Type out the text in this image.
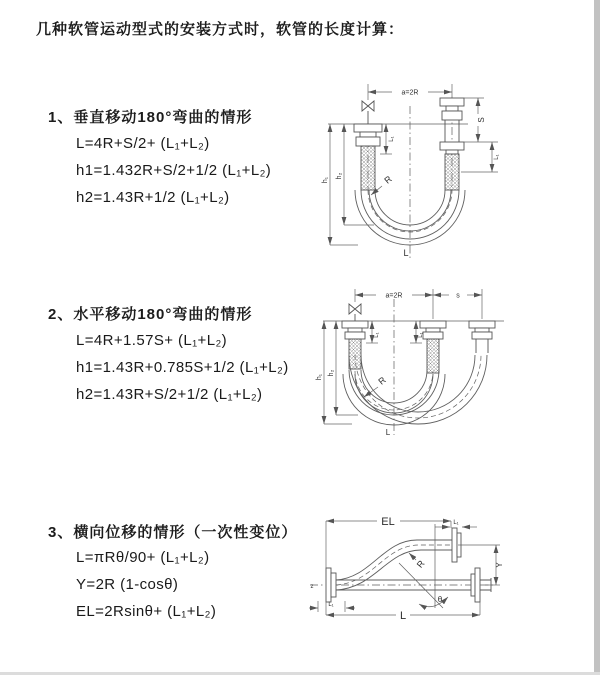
几种软管运动型式的安装方式时，软管的长度计算：
1、垂直移动180°弯曲的情形
L=4R+S/2+ (L₁+L₂)
h1=1.432R+S/2+1/2 (L₁+L₂)
h2=1.43R+1/2 (L₁+L₂)
2、水平移动180°弯曲的情形
L=4R+1.57S+ (L₁+L₂)
h1=1.43R+0.785S+1/2 (L₁+L₂)
h2=1.43R+S/2+1/2 (L₁+L₂)
3、横向位移的情形（一次性变位）
L=πRθ/90+ (L₁+L₂)
Y=2R (1-cosθ)
EL=2Rsinθ+ (L₁+L₂)
a=2R
S
L₁
L₁
h₁
h₂	R
L
a=2R	s
h₁
h₂
L₁	L₁
R
L
EL	L₁
Y
R
θ
L
L₁
z
